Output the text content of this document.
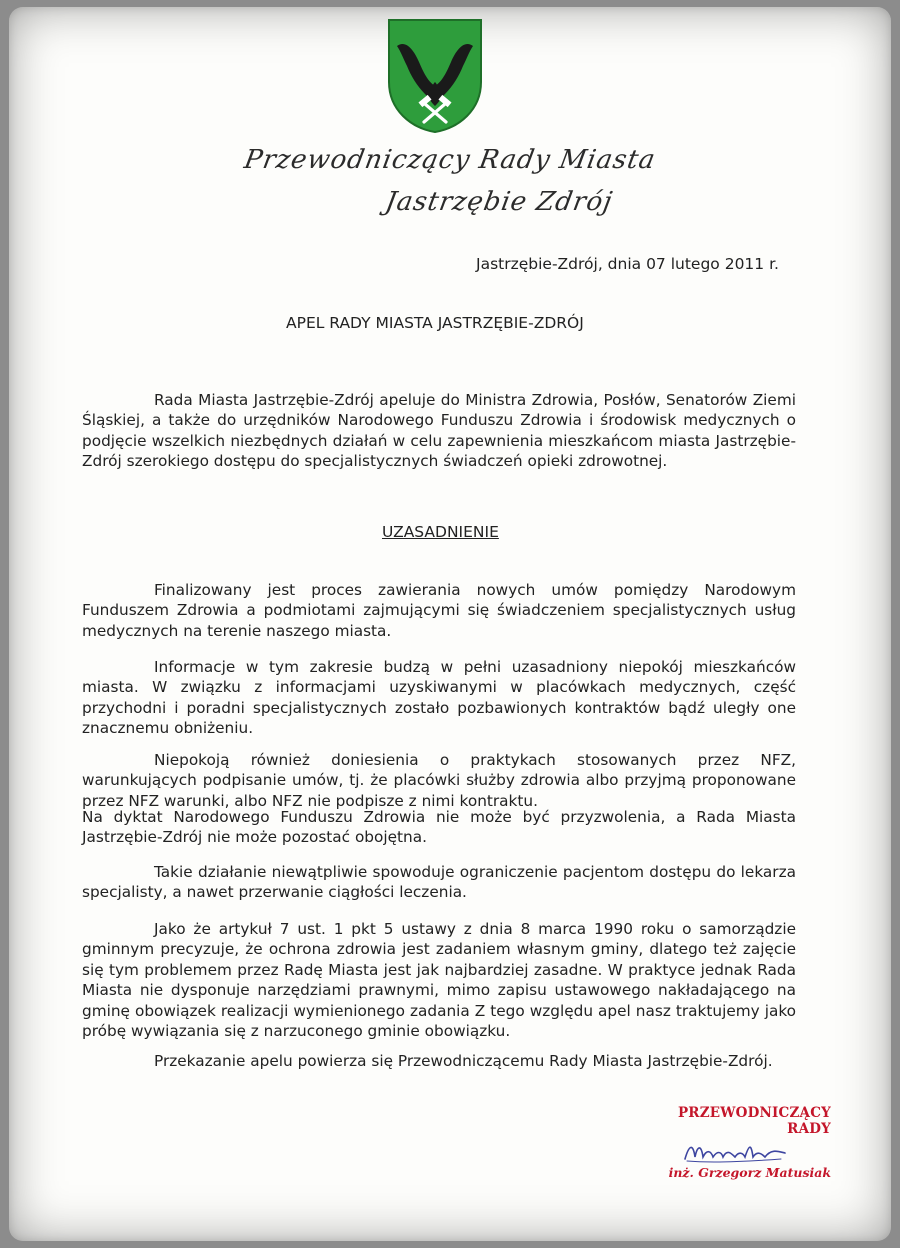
Przewodniczący Rady Miasta

Jastrzębie Zdrój

Jastrzębie-Zdrój, dnia 07 lutego 2011 r.

APEL RADY MIASTA JASTRZĘBIE-ZDRÓJ

Rada Miasta Jastrzębie-Zdrój apeluje do Ministra Zdrowia, Posłów, Senatorów Ziemi Śląskiej, a także do urzędników Narodowego Funduszu Zdrowia i środowisk medycznych o podjęcie wszelkich niezbędnych działań w celu zapewnienia mieszkańcom miasta Jastrzębie-Zdrój szerokiego dostępu do specjalistycznych świadczeń opieki zdrowotnej.

UZASADNIENIE

Finalizowany jest proces zawierania nowych umów pomiędzy Narodowym Funduszem Zdrowia a podmiotami zajmującymi się świadczeniem specjalistycznych usług medycznych na terenie naszego miasta.

Informacje w tym zakresie budzą w pełni uzasadniony niepokój mieszkańców miasta. W związku z informacjami uzyskiwanymi w placówkach medycznych, część przychodni i poradni specjalistycznych zostało pozbawionych kontraktów bądź uległy one znacznemu obniżeniu.

Niepokoją również doniesienia o praktykach stosowanych przez NFZ, warunkujących podpisanie umów, tj. że placówki służby zdrowia albo przyjmą proponowane przez NFZ warunki, albo NFZ nie podpisze z nimi kontraktu.

Na dyktat Narodowego Funduszu Zdrowia nie może być przyzwolenia, a Rada Miasta Jastrzębie-Zdrój nie może pozostać obojętna.

Takie działanie niewątpliwie spowoduje ograniczenie pacjentom dostępu do lekarza specjalisty, a nawet przerwanie ciągłości leczenia.

Jako że artykuł 7 ust. 1 pkt 5 ustawy z dnia 8 marca 1990 roku o samorządzie gminnym precyzuje, że ochrona zdrowia jest zadaniem własnym gminy, dlatego też zajęcie się tym problemem przez Radę Miasta jest jak najbardziej zasadne. W praktyce jednak Rada Miasta nie dysponuje narzędziami prawnymi, mimo zapisu ustawowego nakładającego na gminę obowiązek realizacji wymienionego zadania Z tego względu apel nasz traktujemy jako próbę wywiązania się z narzuconego gminie obowiązku.

Przekazanie apelu powierza się Przewodniczącemu Rady Miasta Jastrzębie-Zdrój.

PRZEWODNICZĄCY RADY

inż. Grzegorz Matusiak
